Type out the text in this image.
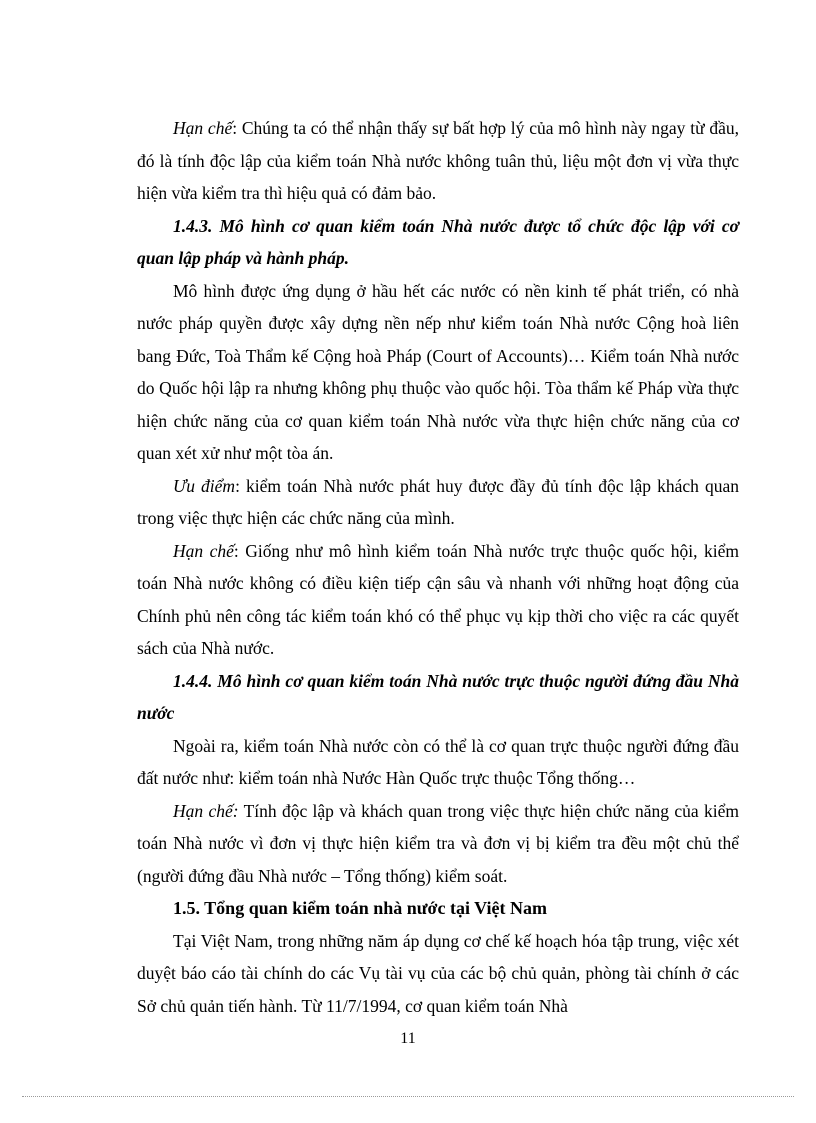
Hạn chế: Chúng ta có thể nhận thấy sự bất hợp lý của mô hình này ngay từ đầu, đó là tính độc lập của kiểm toán Nhà nước không tuân thủ, liệu một đơn vị vừa thực hiện vừa kiểm tra thì hiệu quả có đảm bảo.

1.4.3. Mô hình cơ quan kiểm toán Nhà nước được tổ chức độc lập với cơ quan lập pháp và hành pháp.

Mô hình được ứng dụng ở hầu hết các nước có nền kinh tế phát triển, có nhà nước pháp quyền được xây dựng nền nếp như kiểm toán Nhà nước Cộng hoà liên bang Đức, Toà Thẩm kế Cộng hoà Pháp (Court of Accounts)… Kiểm toán Nhà nước do Quốc hội lập ra nhưng không phụ thuộc vào quốc hội. Tòa thẩm kế Pháp vừa thực hiện chức năng của cơ quan kiểm toán Nhà nước vừa thực hiện chức năng của cơ quan xét xử như một tòa án.

Ưu điểm: kiểm toán Nhà nước phát huy được đầy đủ tính độc lập khách quan trong việc thực hiện các chức năng của mình.

Hạn chế: Giống như mô hình kiểm toán Nhà nước trực thuộc quốc hội, kiểm toán Nhà nước không có điều kiện tiếp cận sâu và nhanh với những hoạt động của Chính phủ nên công tác kiểm toán khó có thể phục vụ kịp thời cho việc ra các quyết sách của Nhà nước.

1.4.4. Mô hình cơ quan kiểm toán Nhà nước trực thuộc người đứng đầu Nhà nước

Ngoài ra, kiểm toán Nhà nước còn có thể là cơ quan trực thuộc người đứng đầu đất nước như: kiểm toán nhà Nước Hàn Quốc trực thuộc Tổng thống…

Hạn chế: Tính độc lập và khách quan trong việc thực hiện chức năng của kiểm toán Nhà nước vì đơn vị thực hiện kiểm tra và đơn vị bị kiểm tra đều một chủ thể (người đứng đầu Nhà nước – Tổng thống) kiểm soát.

1.5. Tổng quan kiểm toán nhà nước tại Việt Nam

Tại Việt Nam, trong những năm áp dụng cơ chế kế hoạch hóa tập trung, việc xét duyệt báo cáo tài chính do các Vụ tài vụ của các bộ chủ quản, phòng tài chính ở các Sở chủ quản tiến hành. Từ 11/7/1994, cơ quan kiểm toán Nhà

11
